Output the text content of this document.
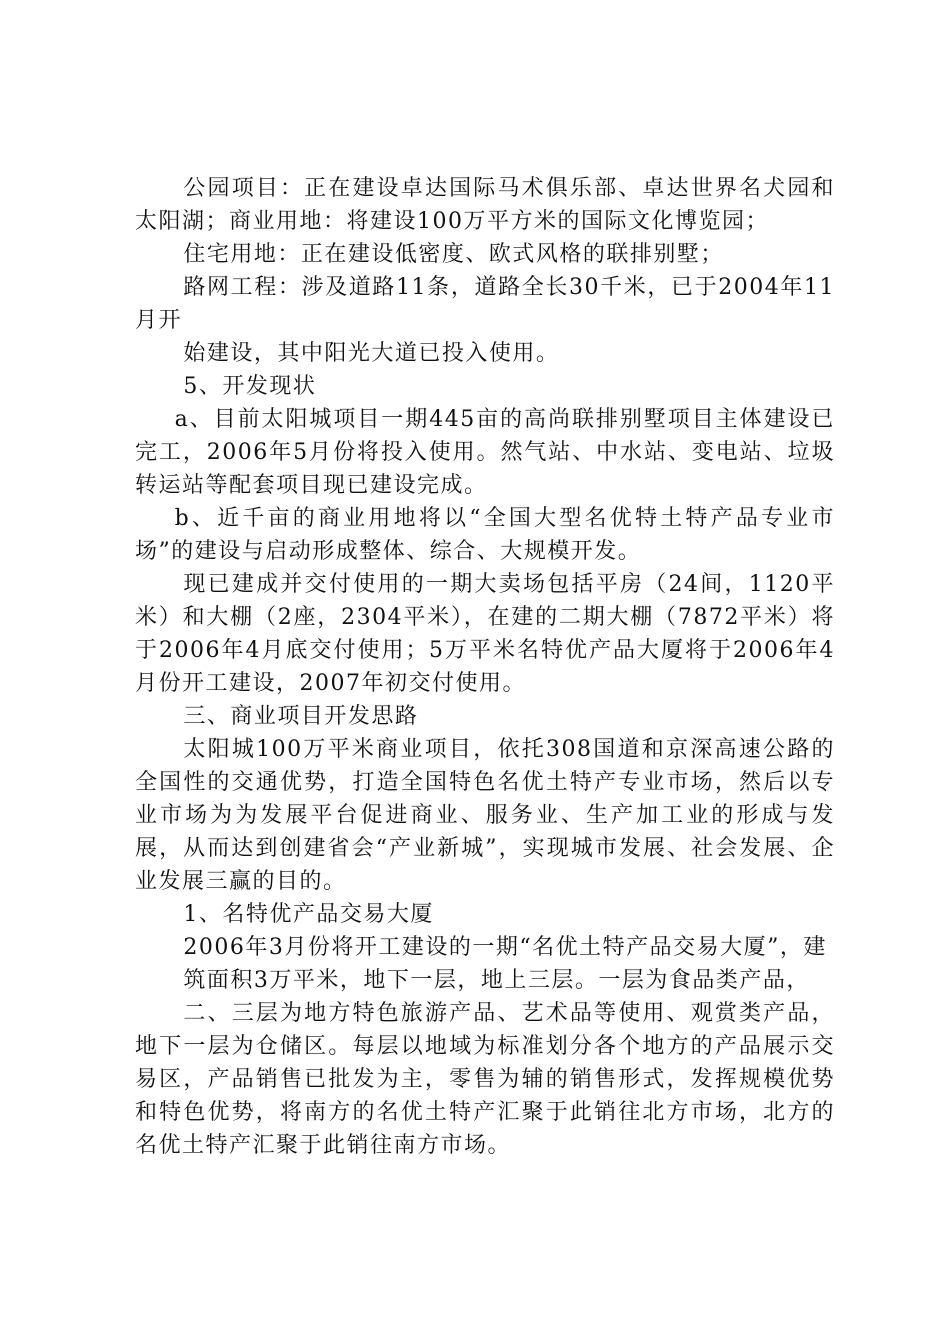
公园项目：正在建设卓达国际马术俱乐部、卓达世界名犬园和太阳湖；商业用地：将建设100万平方米的国际文化博览园；

住宅用地：正在建设低密度、欧式风格的联排别墅；

路网工程：涉及道路11条，道路全长30千米，已于2004年11月开

始建设，其中阳光大道已投入使用。

5、开发现状

a、目前太阳城项目一期445亩的高尚联排别墅项目主体建设已完工，2006年5月份将投入使用。然气站、中水站、变电站、垃圾转运站等配套项目现已建设完成。

b、近千亩的商业用地将以“全国大型名优特土特产品专业市场”的建设与启动形成整体、综合、大规模开发。

现已建成并交付使用的一期大卖场包括平房（24间，1120平米）和大棚（2座，2304平米），在建的二期大棚（7872平米）将于2006年4月底交付使用；5万平米名特优产品大厦将于2006年4月份开工建设，2007年初交付使用。

三、商业项目开发思路

太阳城100万平米商业项目，依托308国道和京深高速公路的全国性的交通优势，打造全国特色名优土特产专业市场，然后以专业市场为为发展平台促进商业、服务业、生产加工业的形成与发展，从而达到创建省会“产业新城”，实现城市发展、社会发展、企业发展三赢的目的。

1、名特优产品交易大厦

2006年3月份将开工建设的一期“名优土特产品交易大厦”，建

筑面积3万平米，地下一层，地上三层。一层为食品类产品，

二、三层为地方特色旅游产品、艺术品等使用、观赏类产品，地下一层为仓储区。每层以地域为标准划分各个地方的产品展示交易区，产品销售已批发为主，零售为辅的销售形式，发挥规模优势和特色优势，将南方的名优土特产汇聚于此销往北方市场，北方的名优土特产汇聚于此销往南方市场。
